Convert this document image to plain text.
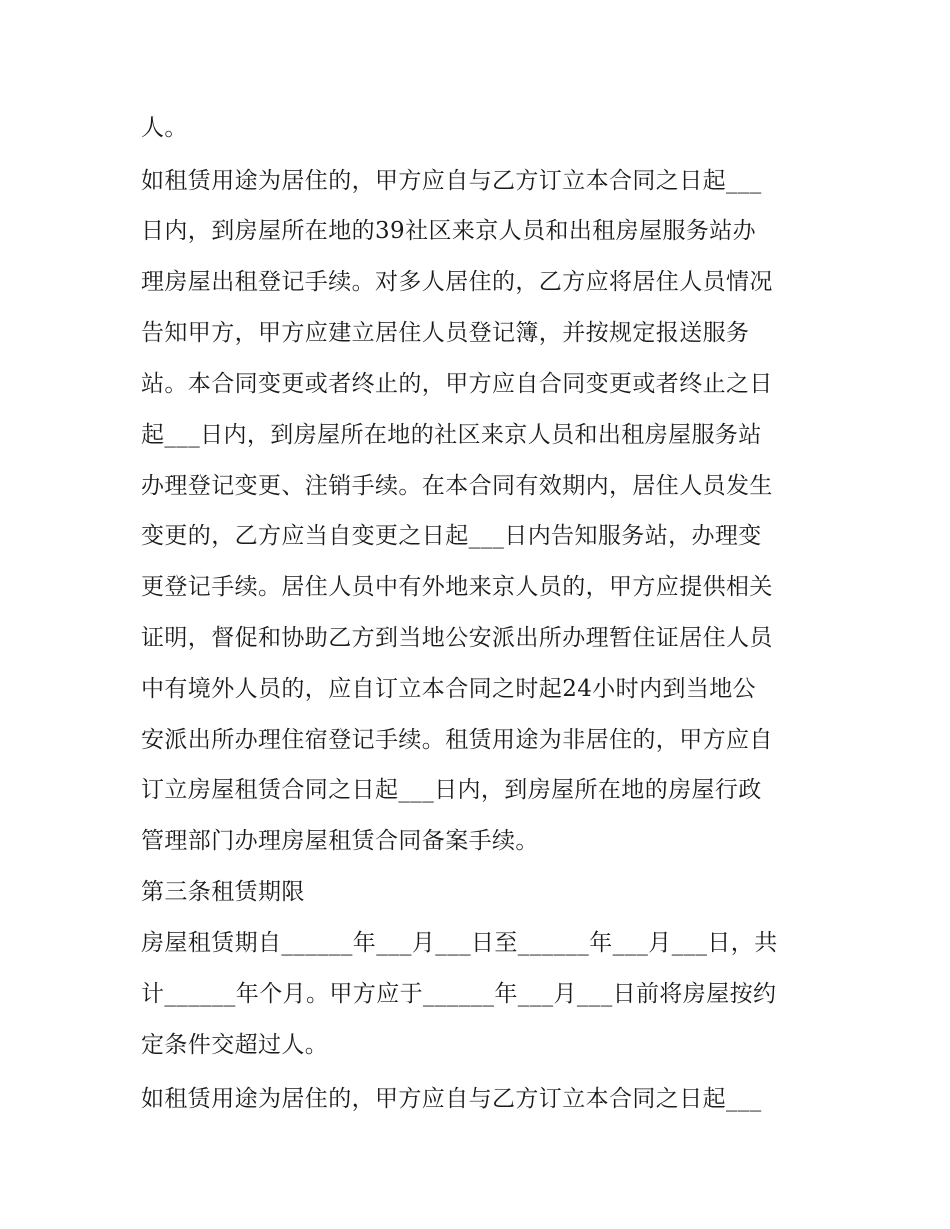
人。

如租赁用途为居住的，甲方应自与乙方订立本合同之日起___

日内，到房屋所在地的39社区来京人员和出租房屋服务站办

理房屋出租登记手续。对多人居住的，乙方应将居住人员情况

告知甲方，甲方应建立居住人员登记簿，并按规定报送服务

站。本合同变更或者终止的，甲方应自合同变更或者终止之日

起___日内，到房屋所在地的社区来京人员和出租房屋服务站

办理登记变更、注销手续。在本合同有效期内，居住人员发生

变更的，乙方应当自变更之日起___日内告知服务站，办理变

更登记手续。居住人员中有外地来京人员的，甲方应提供相关

证明，督促和协助乙方到当地公安派出所办理暂住证居住人员

中有境外人员的，应自订立本合同之时起24小时内到当地公

安派出所办理住宿登记手续。租赁用途为非居住的，甲方应自

订立房屋租赁合同之日起___日内，到房屋所在地的房屋行政

管理部门办理房屋租赁合同备案手续。

第三条租赁期限

房屋租赁期自______年___月___日至______年___月___日，共

计______年个月。甲方应于______年___月___日前将房屋按约

定条件交超过人。

如租赁用途为居住的，甲方应自与乙方订立本合同之日起___
